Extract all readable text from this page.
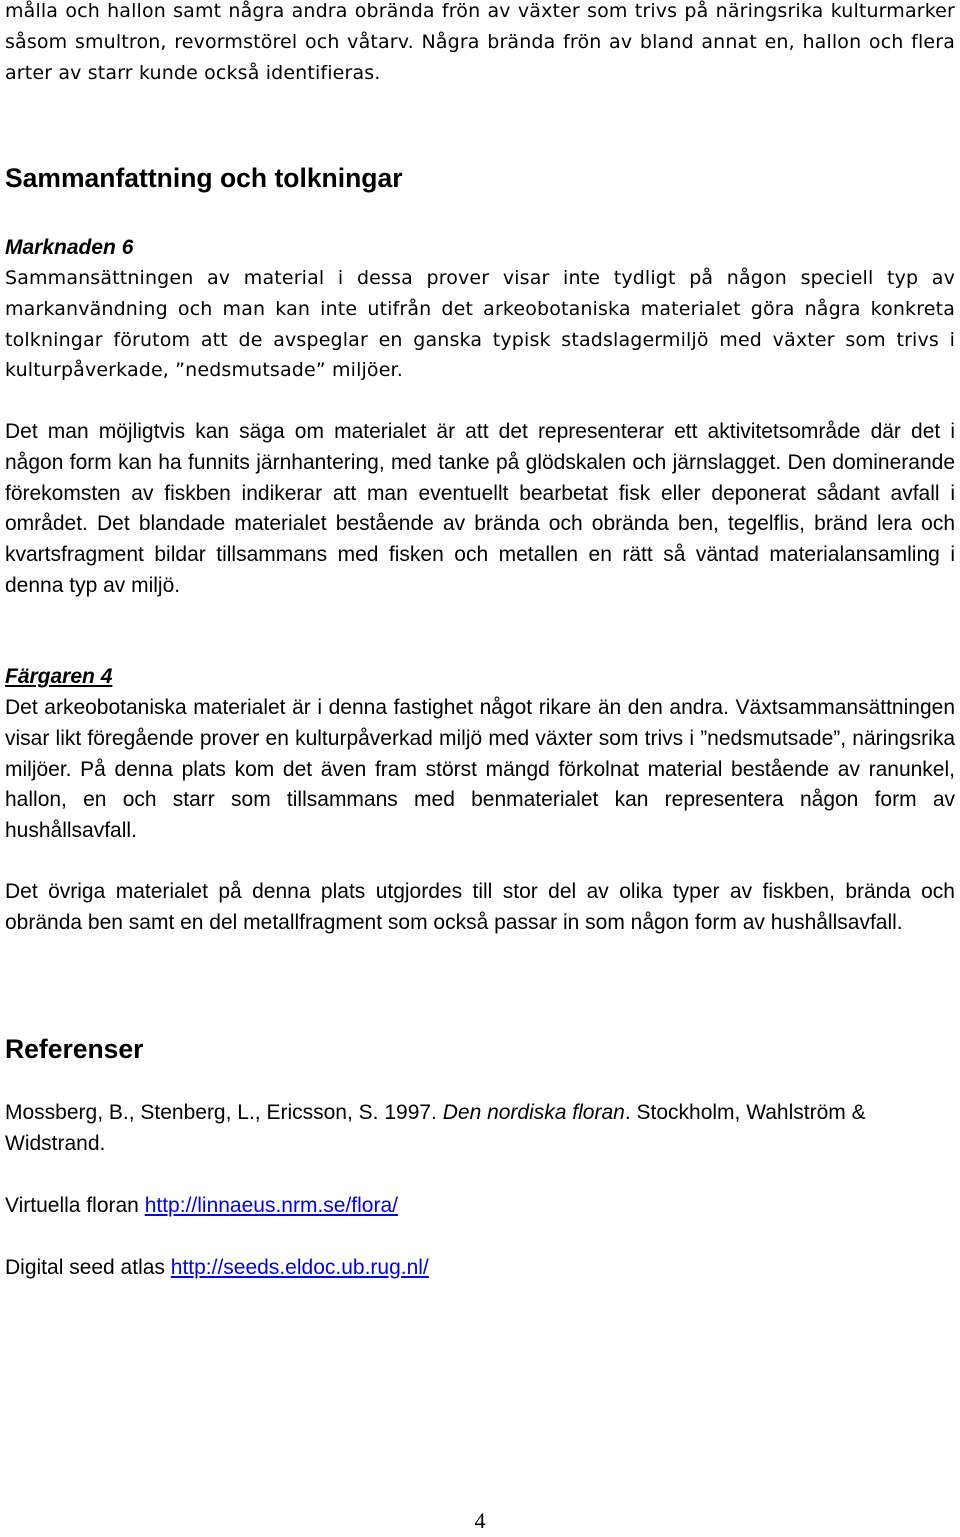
målla och hallon samt några andra obrända frön av växter som trivs på näringsrika kulturmarker såsom smultron, revormstörel och våtarv. Några brända frön av bland annat en, hallon och flera arter av starr kunde också identifieras.

Sammanfattning och tolkningar
Marknaden 6

Sammansättningen av material i dessa prover visar inte tydligt på någon speciell typ av markanvändning och man kan inte utifrån det arkeobotaniska materialet göra några konkreta tolkningar förutom att de avspeglar en ganska typisk stadslagermiljö med växter som trivs i kulturpåverkade, ”nedsmutsade” miljöer.

Det man möjligtvis kan säga om materialet är att det representerar ett aktivitetsområde där det i någon form kan ha funnits järnhantering, med tanke på glödskalen och järnslagget. Den dominerande förekomsten av fiskben indikerar att man eventuellt bearbetat fisk eller deponerat sådant avfall i området. Det blandade materialet bestående av brända och obrända ben, tegelflis, bränd lera och kvartsfragment bildar tillsammans med fisken och metallen en rätt så väntad materialansamling i denna typ av miljö.

Färgaren 4

Det arkeobotaniska materialet är i denna fastighet något rikare än den andra. Växtsammansättningen visar likt föregående prover en kulturpåverkad miljö med växter som trivs i ”nedsmutsade”, näringsrika miljöer. På denna plats kom det även fram störst mängd förkolnat material bestående av ranunkel, hallon, en och starr som tillsammans med benmaterialet kan representera någon form av hushållsavfall.

Det övriga materialet på denna plats utgjordes till stor del av olika typer av fiskben, brända och obrända ben samt en del metallfragment som också passar in som någon form av hushållsavfall.

Referenser

Mossberg, B., Stenberg, L., Ericsson, S. 1997. Den nordiska floran. Stockholm, Wahlström & Widstrand.

Virtuella floran http://linnaeus.nrm.se/flora/

Digital seed atlas http://seeds.eldoc.ub.rug.nl/

4
